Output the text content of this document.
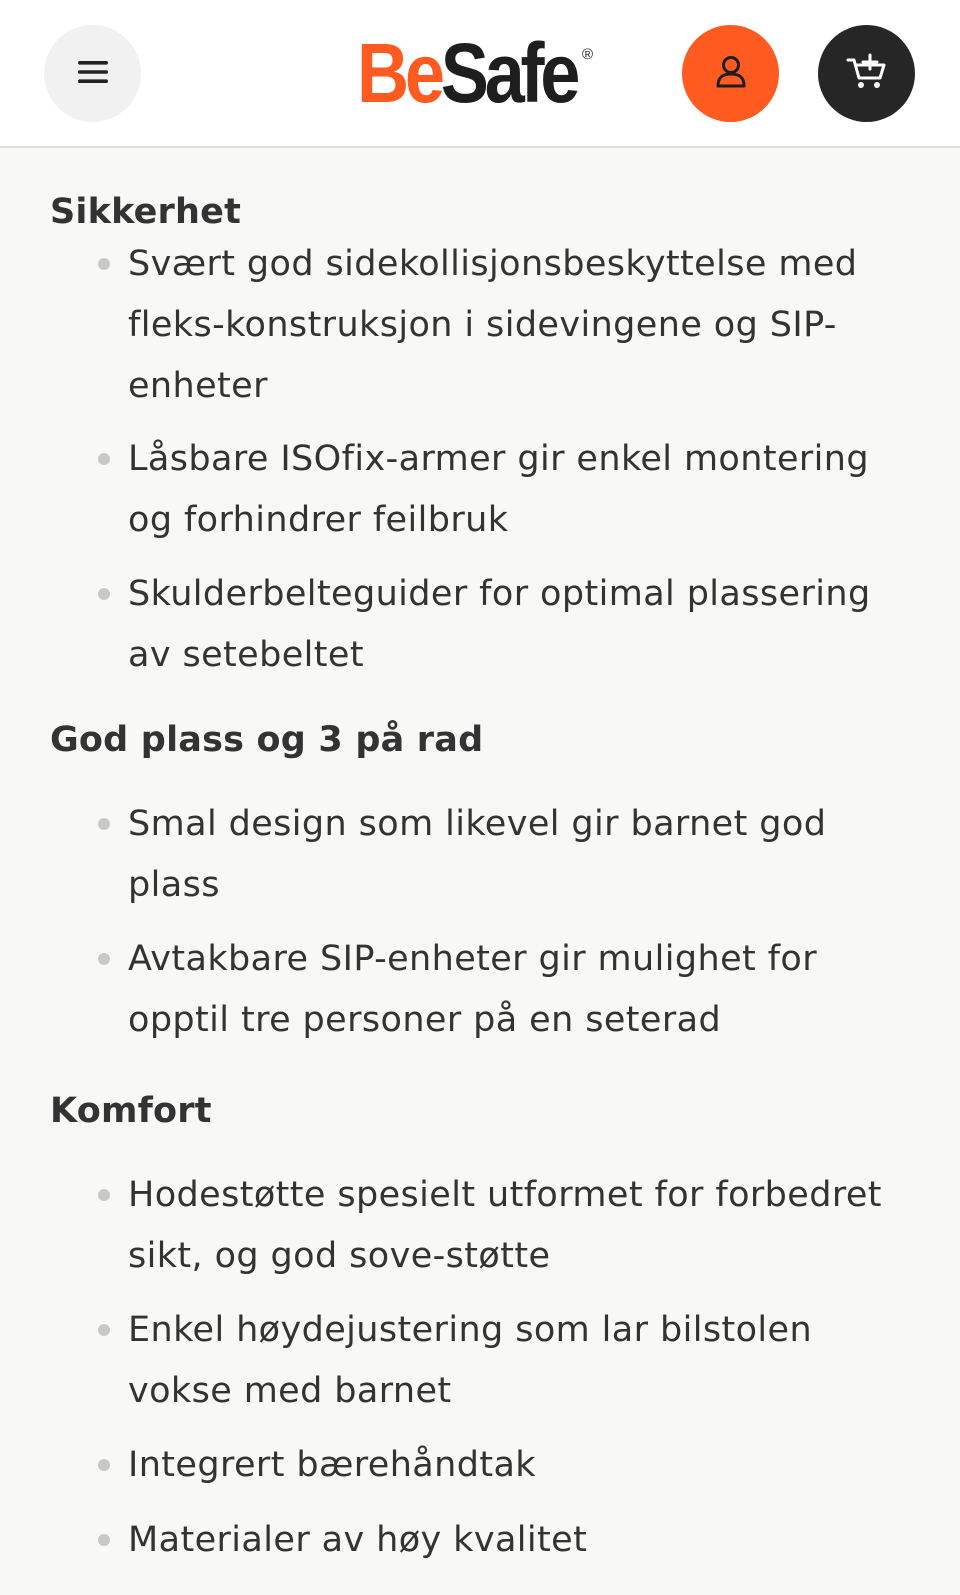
BeSafe ®
Sikkerhet
Svært god sidekollisjonsbeskyttelse med fleks-konstruksjon i sidevingene og SIP-enheter
Låsbare ISOfix-armer gir enkel montering og forhindrer feilbruk
Skulderbelteguider for optimal plassering av setebeltet
God plass og 3 på rad
Smal design som likevel gir barnet god plass
Avtakbare SIP-enheter gir mulighet for opptil tre personer på en seterad
Komfort
Hodestøtte spesielt utformet for forbedret sikt, og god sove-støtte
Enkel høydejustering som lar bilstolen vokse med barnet
Integrert bærehåndtak
Materialer av høy kvalitet
